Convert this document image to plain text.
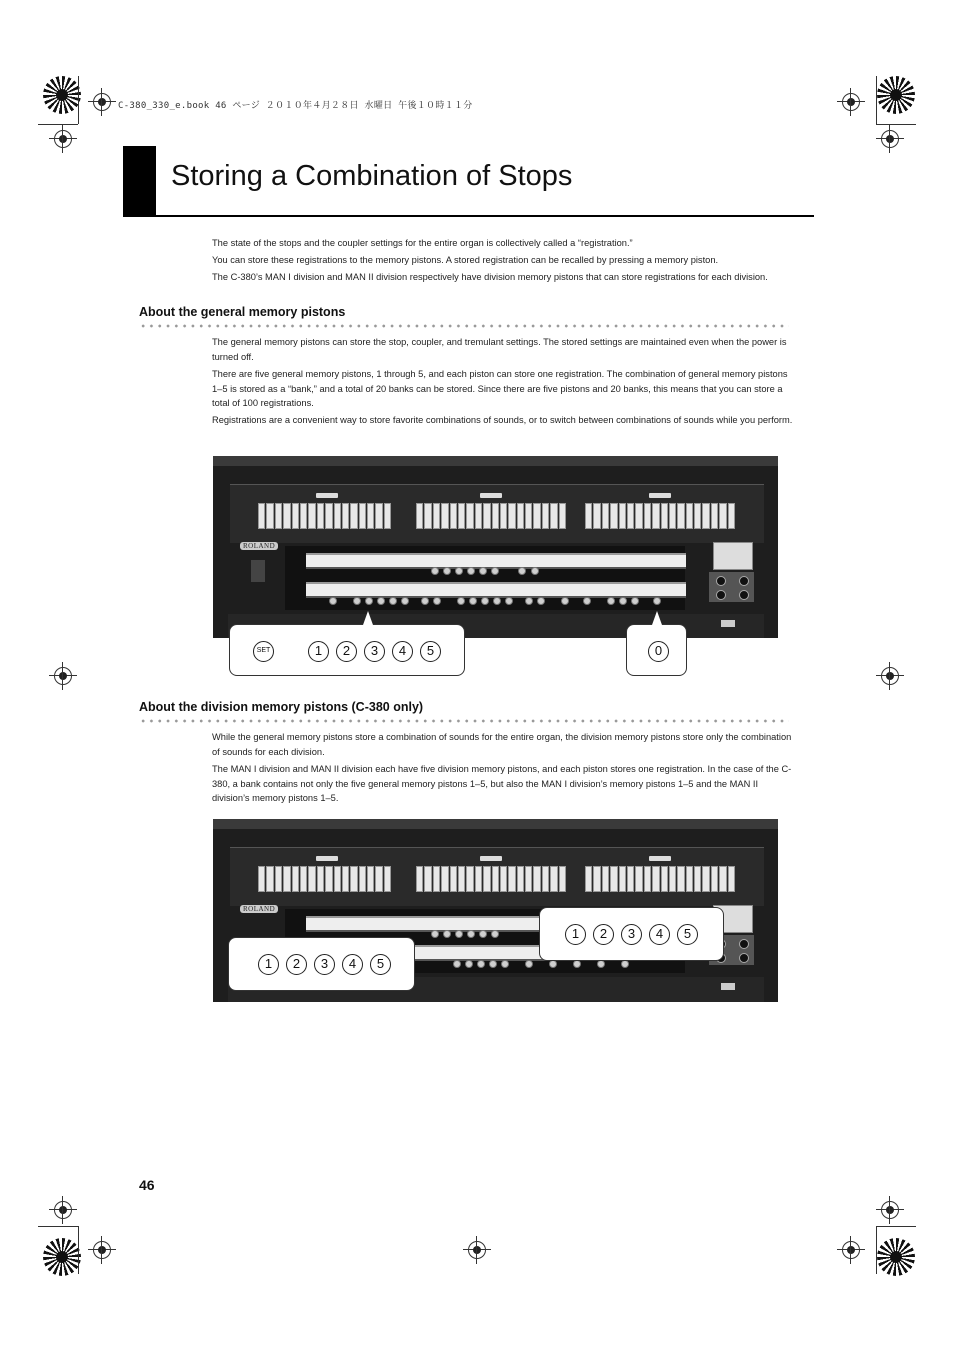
C-380_330_e.book 46 ページ ２０１０年４月２８日 水曜日 午後１０時１１分
Storing a Combination of Stops

The state of the stops and the coupler settings for the entire organ is collectively called a “registration.”

You can store these registrations to the memory pistons. A stored registration can be recalled by pressing a memory piston.

The C-380’s MAN I division and MAN II division respectively have division memory pistons that can store registrations for each division.

About the general memory pistons

The general memory pistons can store the stop, coupler, and tremulant settings. The stored settings are maintained even when the power is turned off.

There are five general memory pistons, 1 through 5, and each piston can store one registration. The combination of general memory pistons 1–5 is stored as a “bank,” and a total of 20 banks can be stored. Since there are five pistons and 20 banks, this means that you can store a total of 100 registrations.

Registrations are a convenient way to store favorite combinations of sounds, or to switch between combinations of sounds while you perform.

ROLAND
SET	1	2	3	4	5	0
About the division memory pistons (C-380 only)

While the general memory pistons store a combination of sounds for the entire organ, the division memory pistons store only the combination of sounds for each division.

The MAN I division and MAN II division each have five division memory pistons, and each piston stores one registration. In the case of the C-380, a bank contains not only the five general memory pistons 1–5, but also the MAN I division’s memory pistons 1–5 and the MAN II division’s memory pistons 1–5.

ROLAND
1	2	3	4	5
1	2	3	4	5
46
